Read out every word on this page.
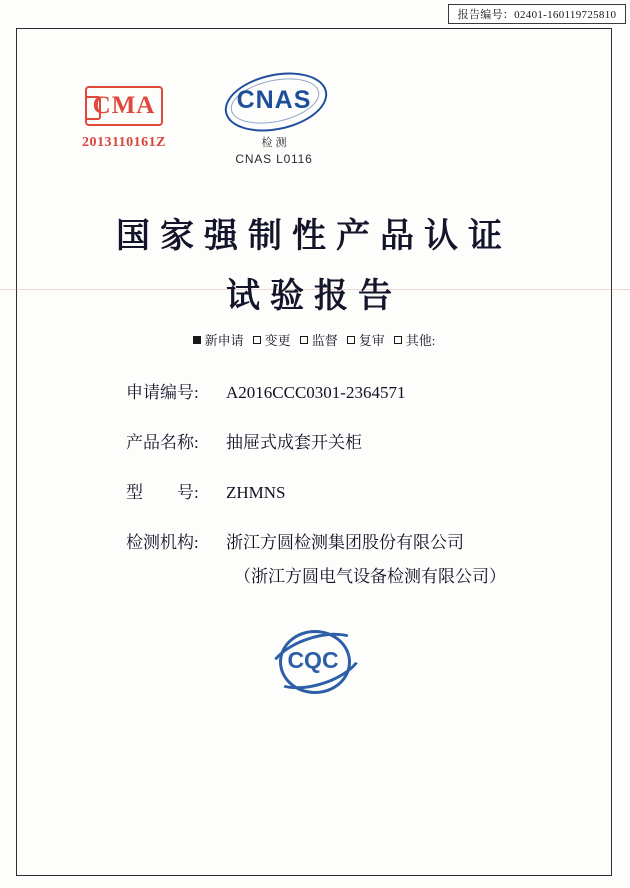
报告编号：02401-160119725810
CMA
2013110161Z
CNAS
检 测
CNAS L0116
国家强制性产品认证
试验报告
新申请 变更 监督 复审 其他:
申请编号:	A2016CCC0301-2364571
产品名称:	抽屉式成套开关柜
型　　号:	ZHMNS
检测机构:	浙江方圆检测集团股份有限公司
（浙江方圆电气设备检测有限公司）
CQC
